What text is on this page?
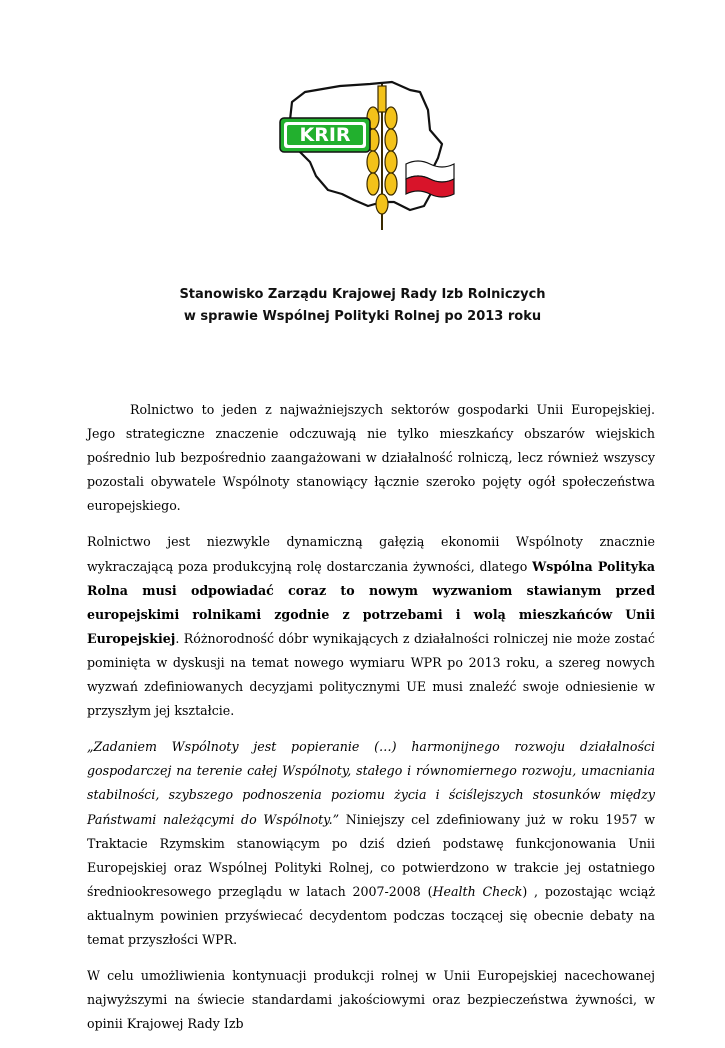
KRIR
Stanowisko Zarządu Krajowej Rady Izb Rolniczych
w sprawie Wspólnej Polityki Rolnej po 2013 roku

Rolnictwo to jeden z najważniejszych sektorów gospodarki Unii Europejskiej. Jego strategiczne znaczenie odczuwają nie tylko mieszkańcy obszarów wiejskich pośrednio lub bezpośrednio zaangażowani w działalność rolniczą, lecz również wszyscy pozostali obywatele Wspólnoty stanowiący łącznie szeroko pojęty ogół społeczeństwa europejskiego.

Rolnictwo jest niezwykle dynamiczną gałęzią ekonomii Wspólnoty znacznie wykraczającą poza produkcyjną rolę dostarczania żywności, dlatego Wspólna Polityka Rolna musi odpowiadać coraz to nowym wyzwaniom stawianym przed europejskimi rolnikami zgodnie z potrzebami i wolą mieszkańców Unii Europejskiej. Różnorodność dóbr wynikających z działalności rolniczej nie może zostać pominięta w dyskusji na temat nowego wymiaru WPR po 2013 roku, a szereg nowych wyzwań zdefiniowanych decyzjami politycznymi UE musi znaleźć swoje odniesienie w przyszłym jej kształcie.

„Zadaniem Wspólnoty jest popieranie (…) harmonijnego rozwoju działalności gospodarczej na terenie całej Wspólnoty, stałego i równomiernego rozwoju, umacniania stabilności, szybszego podnoszenia poziomu życia i ściślejszych stosunków między Państwami należącymi do Wspólnoty.” Niniejszy cel zdefiniowany już w roku 1957 w Traktacie Rzymskim stanowiącym po dziś dzień podstawę funkcjonowania Unii Europejskiej oraz Wspólnej Polityki Rolnej, co potwierdzono w trakcie jej ostatniego średniookresowego przeglądu w latach 2007-2008 (Health Check) , pozostając wciąż aktualnym powinien przyświecać decydentom podczas toczącej się obecnie debaty na temat przyszłości WPR.

W celu umożliwienia kontynuacji produkcji rolnej w Unii Europejskiej nacechowanej najwyższymi na świecie standardami jakościowymi oraz bezpieczeństwa żywności, w opinii Krajowej Rady Izb
